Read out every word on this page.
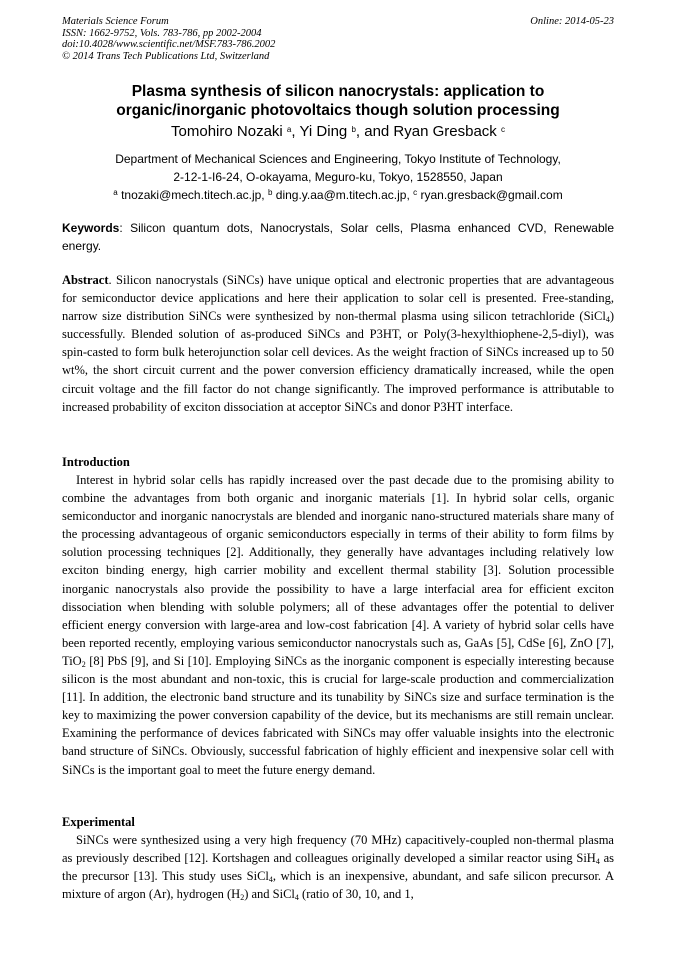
Materials Science Forum
ISSN: 1662-9752, Vols. 783-786, pp 2002-2004
doi:10.4028/www.scientific.net/MSF.783-786.2002
© 2014 Trans Tech Publications Ltd, Switzerland
Online: 2014-05-23
Plasma synthesis of silicon nanocrystals: application to
organic/inorganic photovoltaics though solution processing
Tomohiro Nozaki $^a$, Yi Ding $^b$, and Ryan Gresback $^c$
Department of Mechanical Sciences and Engineering, Tokyo Institute of Technology,
2-12-1-I6-24, O-okayama, Meguro-ku, Tokyo, 1528550, Japan
$^a$ tnozaki@mech.titech.ac.jp, $^b$ ding.y.aa@m.titech.ac.jp, $^c$ ryan.gresback@gmail.com
Keywords: Silicon quantum dots, Nanocrystals, Solar cells, Plasma enhanced CVD, Renewable energy.
Abstract. Silicon nanocrystals (SiNCs) have unique optical and electronic properties that are advantageous for semiconductor device applications and here their application to solar cell is presented. Free-standing, narrow size distribution SiNCs were synthesized by non-thermal plasma using silicon tetrachloride (SiCl$_4$) successfully. Blended solution of as-produced SiNCs and P3HT, or Poly(3-hexylthiophene-2,5-diyl), was spin-casted to form bulk heterojunction solar cell devices. As the weight fraction of SiNCs increased up to 50 wt%, the short circuit current and the power conversion efficiency dramatically increased, while the open circuit voltage and the fill factor do not change significantly. The improved performance is attributable to increased probability of exciton dissociation at acceptor SiNCs and donor P3HT interface.
Introduction

Interest in hybrid solar cells has rapidly increased over the past decade due to the promising ability to combine the advantages from both organic and inorganic materials [1]. In hybrid solar cells, organic semiconductor and inorganic nanocrystals are blended and inorganic nano-structured materials share many of the processing advantageous of organic semiconductors especially in terms of their ability to form films by solution processing techniques [2]. Additionally, they generally have advantages including relatively low exciton binding energy, high carrier mobility and excellent thermal stability [3]. Solution processible inorganic nanocrystals also provide the possibility to have a large interfacial area for efficient exciton dissociation when blending with soluble polymers; all of these advantages offer the potential to deliver efficient energy conversion with large-area and low-cost fabrication [4]. A variety of hybrid solar cells have been reported recently, employing various semiconductor nanocrystals such as, GaAs [5], CdSe [6], ZnO [7], TiO$_2$ [8] PbS [9], and Si [10]. Employing SiNCs as the inorganic component is especially interesting because silicon is the most abundant and non-toxic, this is crucial for large-scale production and commercialization [11]. In addition, the electronic band structure and its tunability by SiNCs size and surface termination is the key to maximizing the power conversion capability of the device, but its mechanisms are still remain unclear. Examining the performance of devices fabricated with SiNCs may offer valuable insights into the electronic band structure of SiNCs. Obviously, successful fabrication of highly efficient and inexpensive solar cell with SiNCs is the important goal to meet the future energy demand.

Experimental

SiNCs were synthesized using a very high frequency (70 MHz) capacitively-coupled non-thermal plasma as previously described [12]. Kortshagen and colleagues originally developed a similar reactor using SiH$_4$ as the precursor [13]. This study uses SiCl$_4$, which is an inexpensive, abundant, and safe silicon precursor. A mixture of argon (Ar), hydrogen $(H_2)$ and SiCl$_4$ (ratio of 30, 10, and 1,
